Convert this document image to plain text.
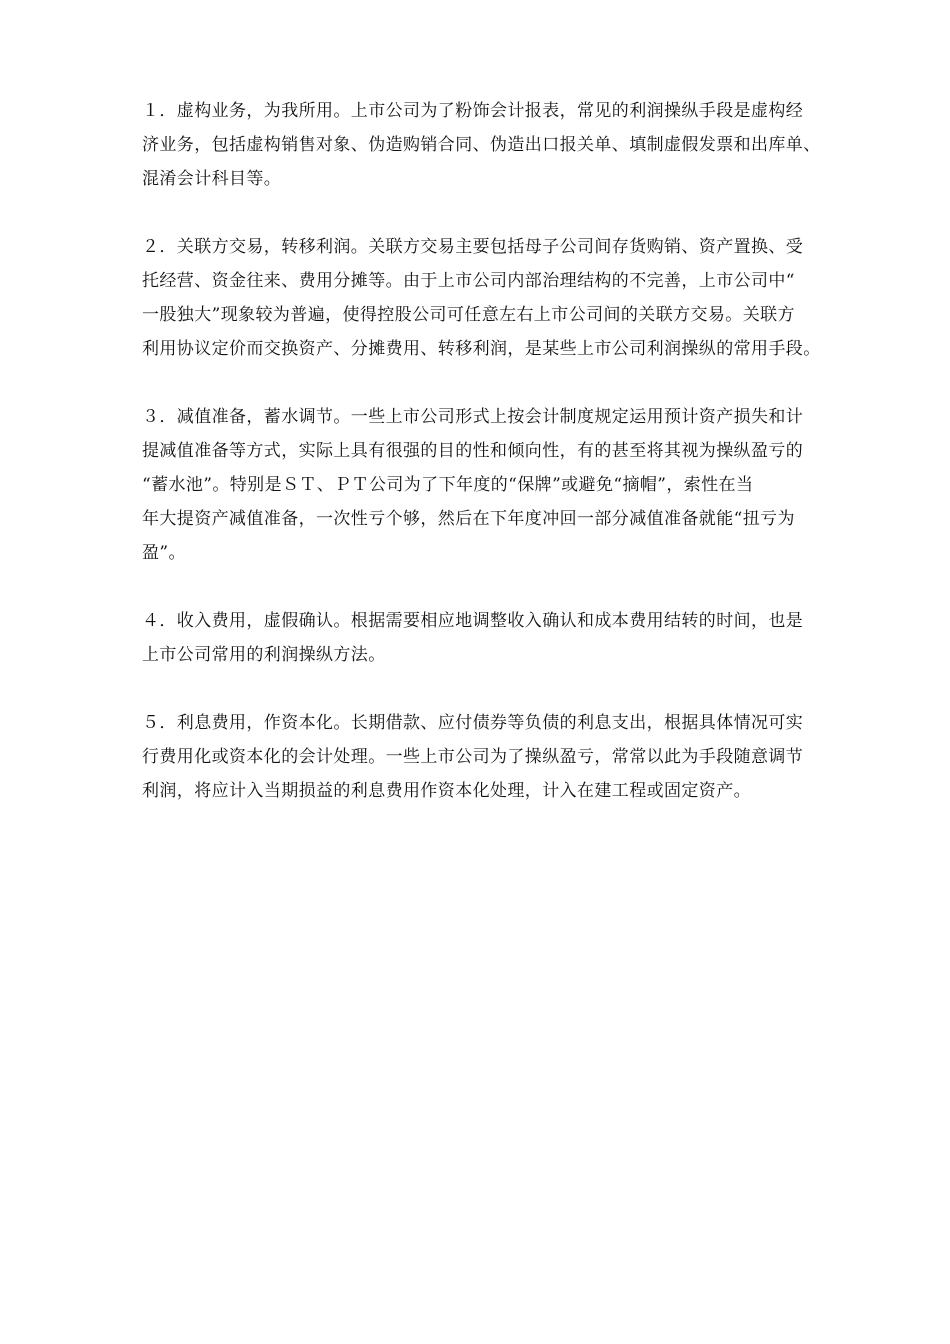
１．虚构业务，为我所用。上市公司为了粉饰会计报表，常见的利润操纵手段是虚构经
济业务，包括虚构销售对象、伪造购销合同、伪造出口报关单、填制虚假发票和出库单、
混淆会计科目等。
２．关联方交易，转移利润。关联方交易主要包括母子公司间存货购销、资产置换、受
托经营、资金往来、费用分摊等。由于上市公司内部治理结构的不完善，上市公司中“
一股独大”现象较为普遍，使得控股公司可任意左右上市公司间的关联方交易。关联方
利用协议定价而交换资产、分摊费用、转移利润，是某些上市公司利润操纵的常用手段。
３．减值准备，蓄水调节。一些上市公司形式上按会计制度规定运用预计资产损失和计
提减值准备等方式，实际上具有很强的目的性和倾向性，有的甚至将其视为操纵盈亏的
“蓄水池”。特别是ＳＴ、ＰＴ公司为了下年度的“保牌”或避免“摘帽”，索性在当
年大提资产减值准备，一次性亏个够，然后在下年度冲回一部分减值准备就能“扭亏为
盈”。
４．收入费用，虚假确认。根据需要相应地调整收入确认和成本费用结转的时间，也是
上市公司常用的利润操纵方法。
５．利息费用，作资本化。长期借款、应付债券等负债的利息支出，根据具体情况可实
行费用化或资本化的会计处理。一些上市公司为了操纵盈亏，常常以此为手段随意调节
利润，将应计入当期损益的利息费用作资本化处理，计入在建工程或固定资产。
